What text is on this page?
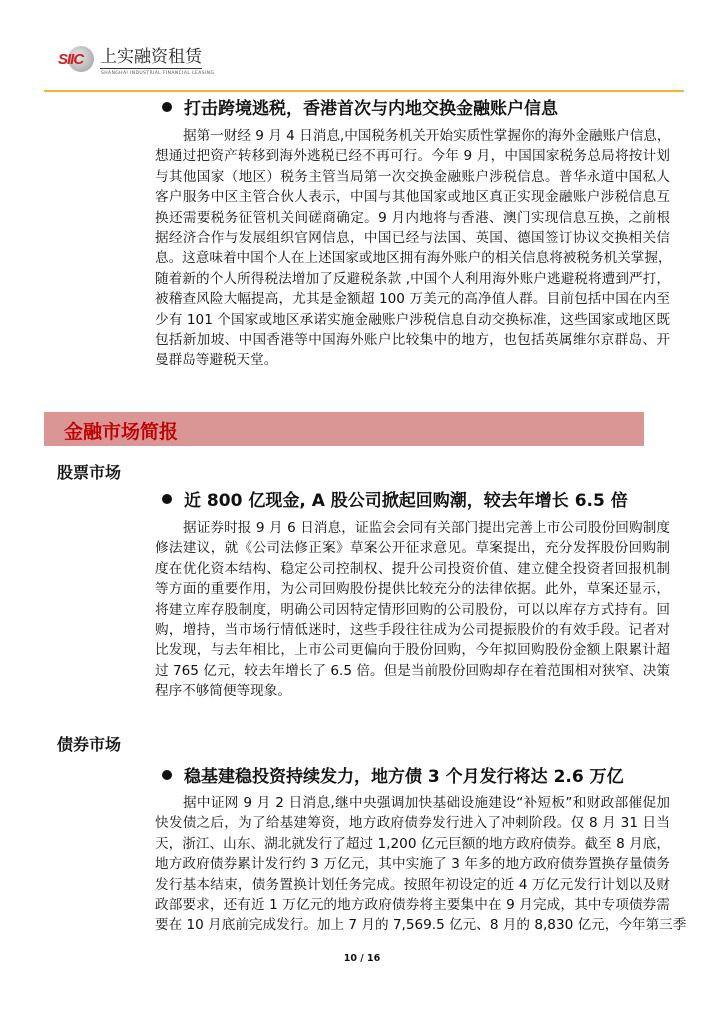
SIIC 上实融资租赁
SHANGHAI INDUSTRIAL FINANCIAL LEASING
打击跨境逃税，香港首次与内地交换金融账户信息
据第一财经 9 月 4 日消息,中国税务机关开始实质性掌握你的海外金融账户信息，
想通过把资产转移到海外逃税已经不再可行。今年 9 月，中国国家税务总局将按计划
与其他国家（地区）税务主管当局第一次交换金融账户涉税信息。普华永道中国私人
客户服务中区主管合伙人表示，中国与其他国家或地区真正实现金融账户涉税信息互
换还需要税务征管机关间磋商确定。9 月内地将与香港、澳门实现信息互换，之前根
据经济合作与发展组织官网信息，中国已经与法国、英国、德国签订协议交换相关信
息。这意味着中国个人在上述国家或地区拥有海外账户的相关信息将被税务机关掌握，
随着新的个人所得税法增加了反避税条款 ,中国个人利用海外账户逃避税将遭到严打，
被稽查风险大幅提高，尤其是金额超 100 万美元的高净值人群。目前包括中国在内至
少有 101 个国家或地区承诺实施金融账户涉税信息自动交换标准，这些国家或地区既
包括新加坡、中国香港等中国海外账户比较集中的地方，也包括英属维尔京群岛、开
曼群岛等避税天堂。
金融市场简报
股票市场
近 800 亿现金, A 股公司掀起回购潮，较去年增长 6.5 倍
据证券时报 9 月 6 日消息，证监会会同有关部门提出完善上市公司股份回购制度
修法建议，就《公司法修正案》草案公开征求意见。草案提出，充分发挥股份回购制
度在优化资本结构、稳定公司控制权、提升公司投资价值、建立健全投资者回报机制
等方面的重要作用，为公司回购股份提供比较充分的法律依据。此外，草案还显示，
将建立库存股制度，明确公司因特定情形回购的公司股份，可以以库存方式持有。回
购，增持，当市场行情低迷时，这些手段往往成为公司提振股价的有效手段。记者对
比发现，与去年相比，上市公司更偏向于股份回购，今年拟回购股份金额上限累计超
过 765 亿元，较去年增长了 6.5 倍。但是当前股份回购却存在着范围相对狭窄、决策
程序不够简便等现象。
债券市场
稳基建稳投资持续发力，地方债 3 个月发行将达 2.6 万亿
据中证网 9 月 2 日消息,继中央强调加快基础设施建设“补短板”和财政部催促加
快发债之后，为了给基建筹资，地方政府债券发行进入了冲刺阶段。仅 8 月 31 日当
天，浙江、山东、湖北就发行了超过 1,200 亿元巨额的地方政府债券。截至 8 月底，
地方政府债券累计发行约 3 万亿元，其中实施了 3 年多的地方政府债券置换存量债务
发行基本结束，债务置换计划任务完成。按照年初设定的近 4 万亿元发行计划以及财
政部要求，还有近 1 万亿元的地方政府债券将主要集中在 9 月完成，其中专项债券需
要在 10 月底前完成发行。加上 7 月的 7,569.5 亿元、8 月的 8,830 亿元，今年第三季
10 / 16
